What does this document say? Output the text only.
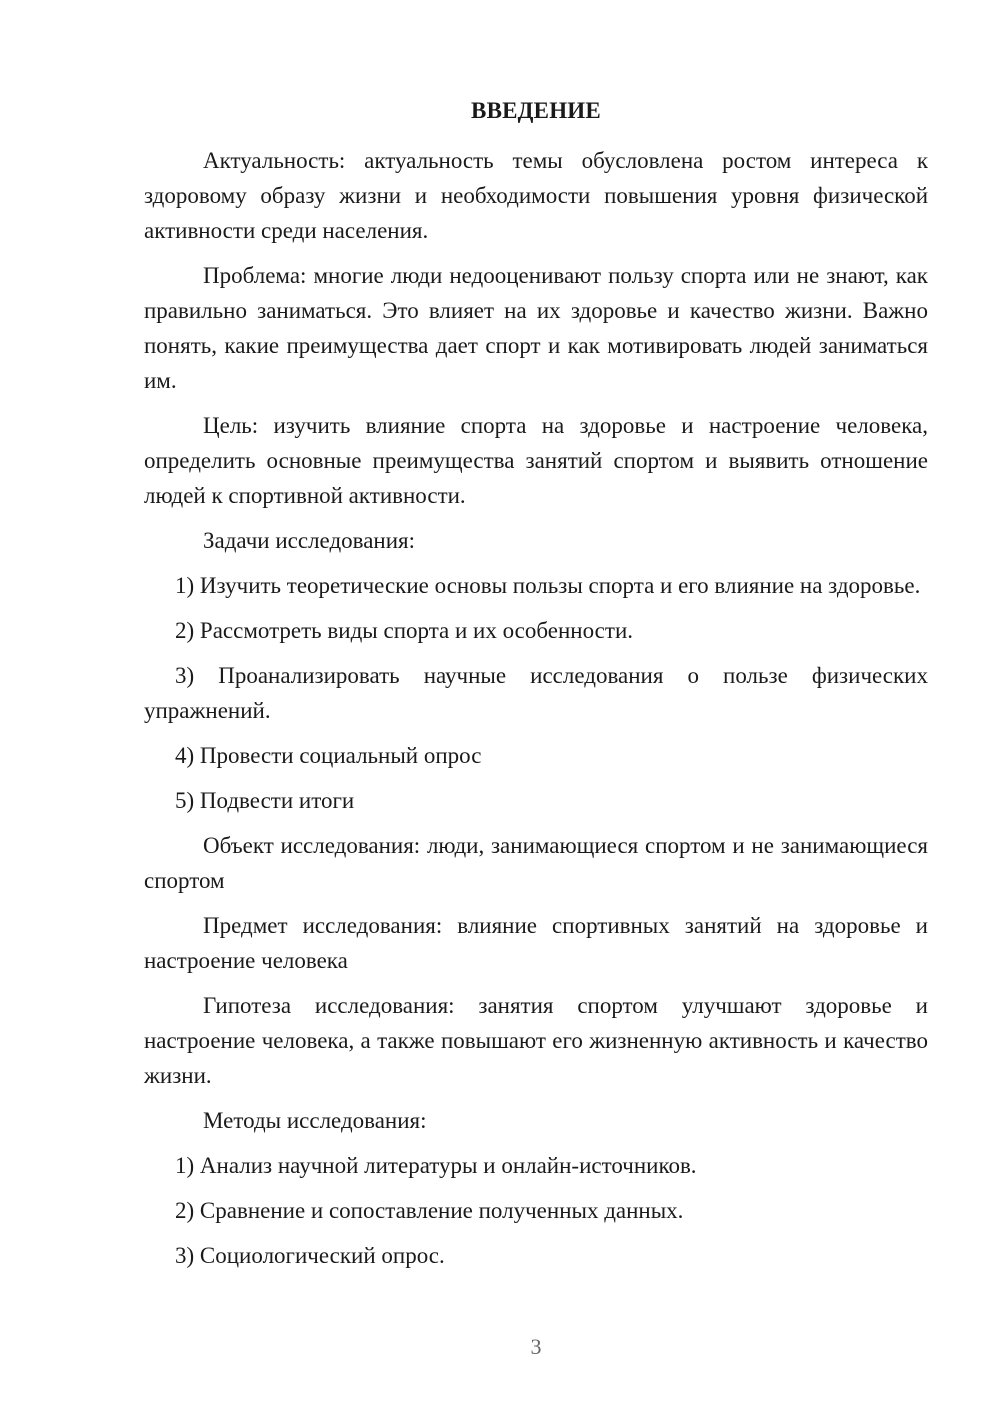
ВВЕДЕНИЕ

Актуальность: актуальность темы обусловлена ростом интереса к здоровому образу жизни и необходимости повышения уровня физической активности среди населения.

Проблема: многие люди недооценивают пользу спорта или не знают, как правильно заниматься. Это влияет на их здоровье и качество жизни. Важно понять, какие преимущества дает спорт и как мотивировать людей заниматься им.

Цель: изучить влияние спорта на здоровье и настроение человека, определить основные преимущества занятий спортом и выявить отношение людей к спортивной активности.

Задачи исследования:

1) Изучить теоретические основы пользы спорта и его влияние на здоровье.

2) Рассмотреть виды спорта и их особенности.

3) Проанализировать научные исследования о пользе физических упражнений.

4) Провести социальный опрос

5) Подвести итоги

Объект исследования: люди, занимающиеся спортом и не занимающиеся спортом

Предмет исследования: влияние спортивных занятий на здоровье и настроение человека

Гипотеза исследования: занятия спортом улучшают здоровье и настроение человека, а также повышают его жизненную активность и качество жизни.

Методы исследования:

1) Анализ научной литературы и онлайн-источников.

2) Сравнение и сопоставление полученных данных.

3) Социологический опрос.

3
